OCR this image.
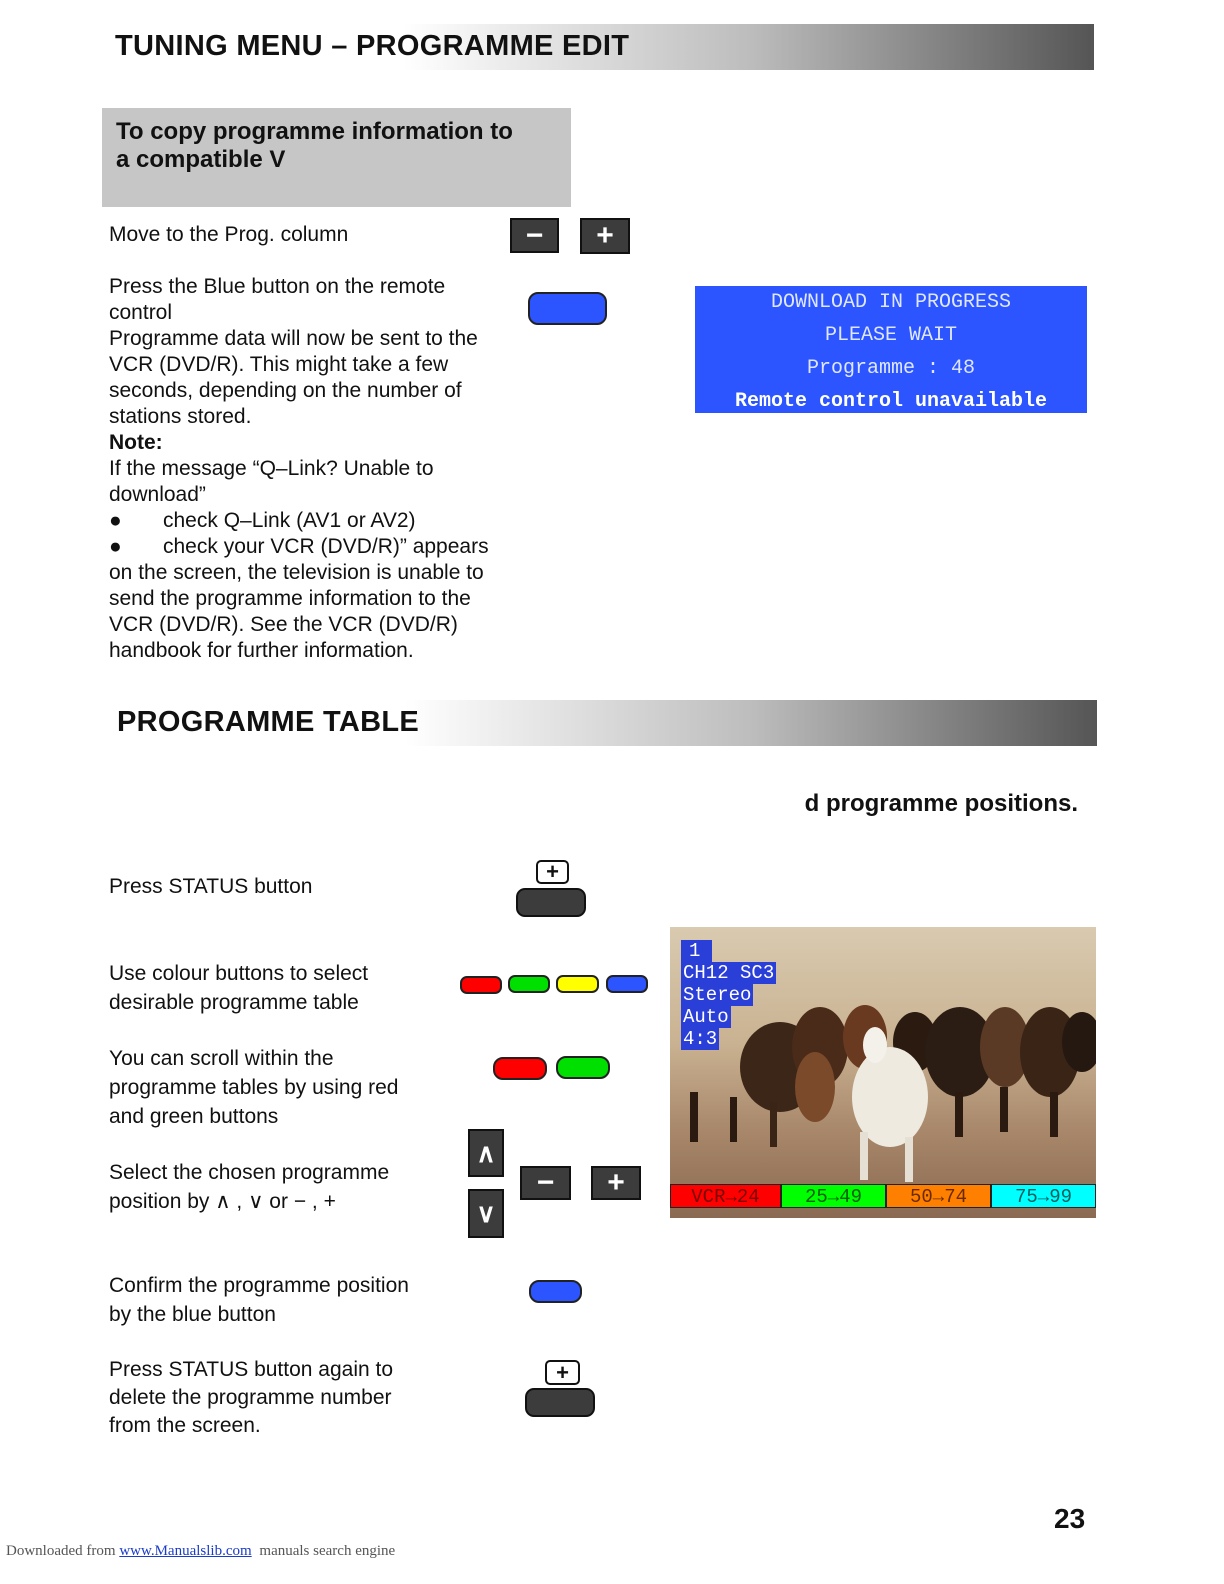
TUNING MENU – PROGRAMME EDIT
To copy programme information to
a compatible V
Move to the Prog. column	−	+
Press the Blue button on the remote
control
Programme data will now be sent to the
VCR (DVD/R). This might take a few
seconds, depending on the number of
stations stored.
Note:
If the message “Q–Link? Unable to
download”
● check Q–Link (AV1 or AV2)
● check your VCR (DVD/R)” appears
on the screen, the television is unable to
send the programme information to the
VCR (DVD/R). See the VCR (DVD/R)
handbook for further information.
DOWNLOAD IN PROGRESS
PLEASE WAIT
Programme : 48
Remote control unavailable
PROGRAMME TABLE
d programme positions.
Press STATUS button
+
Use colour buttons to select
desirable programme table
You can scroll within the
programme tables by using red
and green buttons
Select the chosen programme
position by ∧ , ∨ or − , +
∧
∨
−	+
1
CH12 SC3
Stereo
Auto
4:3
VCR→24	25→49	50→74	75→99
Confirm the programme position
by the blue button
Press STATUS button again to
delete the programme number
from the screen.
+
23
Downloaded from www.Manualslib.com manuals search engine
